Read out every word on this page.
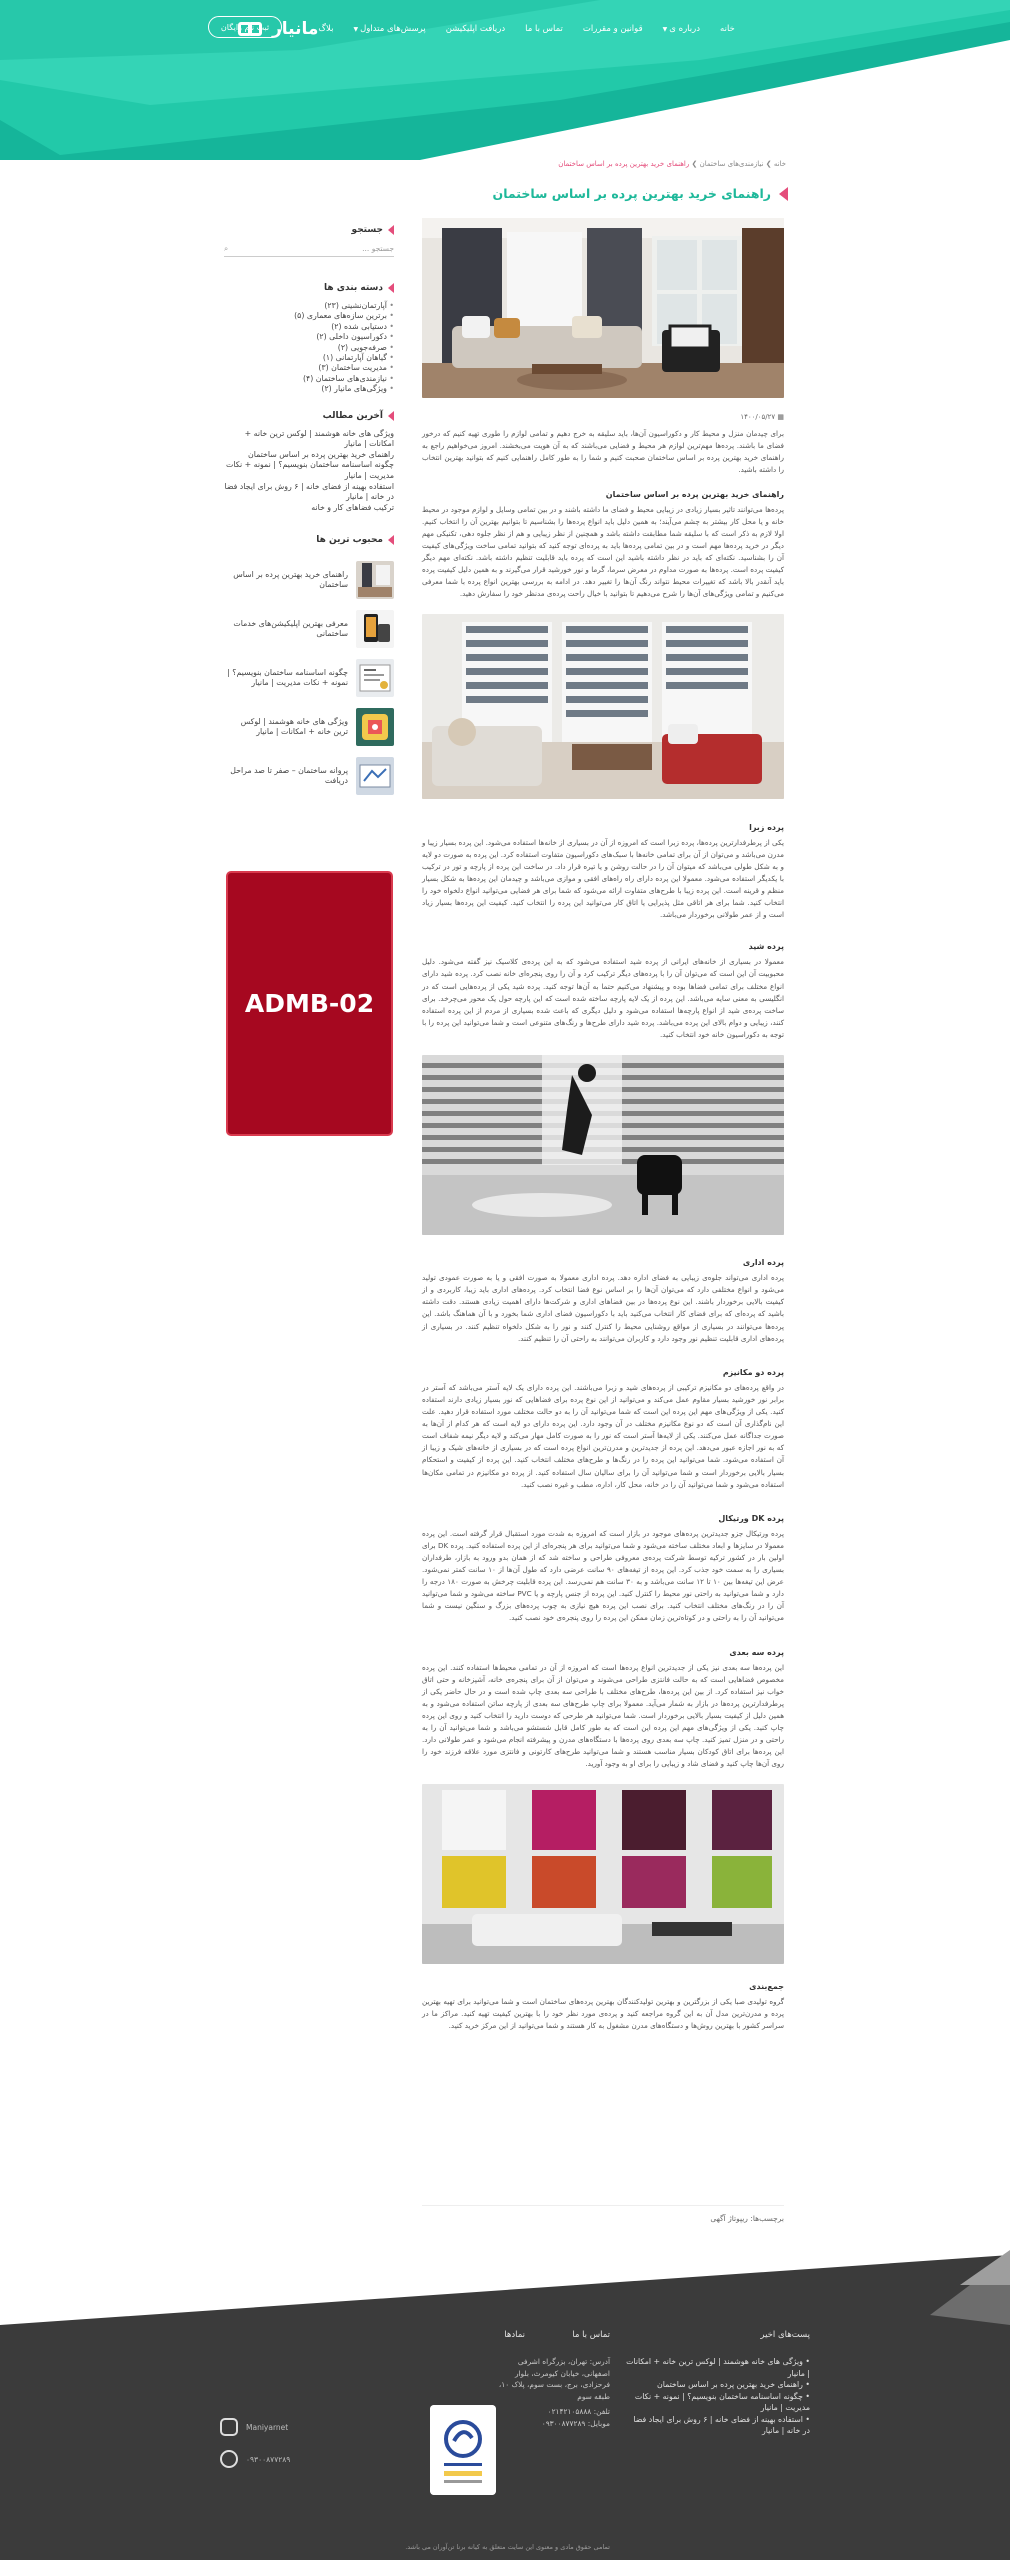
مانیار	خانه
درباره ی▼
قوانین و مقررات
تماس با ما
دریافت اپلیکیشن
پرسش‌های متداول▼
بلاگ
ثبت نام رایگان
خانه ❯ نیازمندی‌های ساختمان ❯ راهنمای خرید بهترین پرده بر اساس ساختمان
راهنمای خرید بهترین پرده بر اساس ساختمان
▦ ۱۴۰۰/۰۵/۲۷

برای چیدمان منزل و محیط کار و دکوراسیون آن‌ها، باید سلیقه به خرج دهیم و تمامی لوازم را طوری تهیه کنیم که درخور فضای ما باشند. پرده‌ها مهم‌ترین لوازم هر محیط و فضایی می‌باشند که به آن هویت می‌بخشند. امروز می‌خواهیم راجع به راهنمای خرید بهترین پرده بر اساس ساختمان صحبت کنیم و شما را به طور کامل راهنمایی کنیم که بتوانید بهترین انتخاب را داشته باشید.

راهنمای خرید بهترین پرده بر اساس ساختمان

پرده‌ها می‌توانند تاثیر بسیار زیادی در زیبایی محیط و فضای ما داشته باشند و در بین تمامی وسایل و لوازم موجود در محیط خانه و یا محل کار بیشتر به چشم می‌آیند؛ به همین دلیل باید انواع پرده‌ها را بشناسیم تا بتوانیم بهترین آن را انتخاب کنیم. اولا لازم به ذکر است که با سلیقه شما مطابقت داشته باشد و همچنین از نظر زیبایی و هم از نظر جلوه دهی، تکنیکی مهم دیگر در خرید پرده‌ها مهم است و در بین تمامی پرده‌ها باید به پرده‌ای توجه کنید که بتوانید تمامی ساخت ویژگی‌های کیفیت آن را بشناسید. نکته‌ای که باید در نظر داشته باشید این است که پرده باید قابلیت تنظیم داشته باشد. نکته‌ای مهم دیگر کیفیت پرده است. پرده‌ها به صورت مداوم در معرض سرما، گرما و نور خورشید قرار می‌گیرند و به همین دلیل کیفیت پرده باید آنقدر بالا باشد که تغییرات محیط نتواند رنگ آن‌ها را تغییر دهد. در ادامه به بررسی بهترین انواع پرده با شما معرفی می‌کنیم و تمامی ویژگی‌های آن‌ها را شرح می‌دهیم تا بتوانید با خیال راحت پرده‌ی مدنظر خود را سفارش دهید.

پرده زبرا

یکی از پرطرفدارترین پرده‌ها، پرده زبرا است که امروزه از آن در بسیاری از خانه‌ها استفاده می‌شود. این پرده بسیار زیبا و مدرن می‌باشد و می‌توان از آن برای تمامی خانه‌ها با سبک‌های دکوراسیون متفاوت استفاده کرد. این پرده به صورت دو لایه و به شکل طولی می‌باشد که میتوان آن را در حالت روشن و یا تیره قرار داد. در ساخت این پرده از پارچه و تور در ترکیب با یکدیگر استفاده می‌شود. معمولا این پرده دارای راه راه‌های افقی و موازی می‌باشد و چیدمان این پرده‌ها به شکل بسیار منظم و قرینه است. این پرده زیبا با طرح‌های متفاوت ارائه می‌شود که شما برای هر فضایی می‌توانید انواع دلخواه خود را انتخاب کنید. شما برای هر اتاقی مثل پذیرایی یا اتاق کار می‌توانید این پرده را انتخاب کنید. کیفیت این پرده‌ها بسیار زیاد است و از عمر طولانی برخوردار می‌باشد.

پرده شید

معمولا در بسیاری از خانه‌های ایرانی از پرده شید استفاده می‌شود که به این پرده‌ی کلاسیک نیز گفته می‌شود. دلیل محبوبیت آن این است که می‌توان آن را با پرده‌های دیگر ترکیب کرد و آن را روی پنجره‌ای خانه نصب کرد. پرده شید دارای انواع مختلف برای تمامی فضاها بوده و پیشنهاد می‌کنیم حتما به آن‌ها توجه کنید. پرده شید یکی از پرده‌هایی است که در انگلیسی به معنی سایه می‌باشد. این پرده از یک لایه پارچه ساخته شده است که این پارچه حول یک محور می‌چرخد. برای ساخت پرده‌ی شید از انواع پارچه‌ها استفاده می‌شود و دلیل دیگری که باعث شده بسیاری از مردم از این پرده استفاده کنند، زیبایی و دوام بالای این پرده می‌باشد. پرده شید دارای طرح‌ها و رنگ‌های متنوعی است و شما می‌توانید این پرده را با توجه به دکوراسیون خانه خود انتخاب کنید.

پرده اداری

پرده اداری می‌تواند جلوه‌ی زیبایی به فضای اداره دهد. پرده اداری معمولا به صورت افقی و یا به صورت عمودی تولید می‌شود و انواع مختلفی دارد که می‌توان آن‌ها را بر اساس نوع فضا انتخاب کرد. پرده‌های اداری باید زیبا، کاربردی و از کیفیت بالایی برخوردار باشند. این نوع پرده‌ها در بین فضاهای اداری و شرکت‌ها دارای اهمیت زیادی هستند. دقت داشته باشید که پرده‌ای که برای فضای کار انتخاب می‌کنید باید با دکوراسیون فضای اداری شما بخورد و با آن هماهنگ باشد. این پرده‌ها می‌توانند در بسیاری از مواقع روشنایی محیط را کنترل کنند و نور را به شکل دلخواه تنظیم کنند. در بسیاری از پرده‌های اداری قابلیت تنظیم نور وجود دارد و کاربران می‌توانند به راحتی آن را تنظیم کنند.

پرده دو مکانیزم

در واقع پرده‌های دو مکانیزم ترکیبی از پرده‌های شید و زبرا می‌باشند. این پرده دارای یک لایه آستر می‌باشد که آستر در برابر نور خورشید بسیار مقاوم عمل می‌کند و می‌توانید از این نوع پرده برای فضاهایی که نور بسیار زیادی دارند استفاده کنید. یکی از ویژگی‌های مهم این پرده این است که شما می‌توانید آن را به دو حالت مختلف مورد استفاده قرار دهید. علت این نام‌گذاری آن است که دو نوع مکانیزم مختلف در آن وجود دارد. این پرده دارای دو لایه است که هر کدام از آن‌ها به صورت جداگانه عمل می‌کنند. یکی از لایه‌ها آستر است که نور را به صورت کامل مهار می‌کند و لایه دیگر نیمه شفاف است که به نور اجازه عبور می‌دهد. این پرده از جدیدترین و مدرن‌ترین انواع پرده است که در بسیاری از خانه‌های شیک و زیبا از آن استفاده می‌شود. شما می‌توانید این پرده را در رنگ‌ها و طرح‌های مختلف انتخاب کنید. این پرده از کیفیت و استحکام بسیار بالایی برخوردار است و شما می‌توانید آن را برای سالیان سال استفاده کنید. از پرده دو مکانیزم در تمامی مکان‌ها استفاده می‌شود و شما می‌توانید آن را در خانه، محل کار، اداره، مطب و غیره نصب کنید.

پرده DK ورتیکال

پرده ورتیکال جزو جدیدترین پرده‌های موجود در بازار است که امروزه به شدت مورد استقبال قرار گرفته است. این پرده معمولا در سایزها و ابعاد مختلف ساخته می‌شود و شما می‌توانید برای هر پنجره‌ای از این پرده استفاده کنید. پرده DK برای اولین بار در کشور ترکیه توسط شرکت پرده‌ی معروفی طراحی و ساخته شد که از همان بدو ورود به بازار، طرفداران بسیاری را به سمت خود جذب کرد. این پرده از تیغه‌های ۹۰ سانت عرضی دارد که طول آن‌ها از ۱۰ سانت کمتر نمی‌شود. عرض این تیغه‌ها بین ۱۰ تا ۱۲ سانت می‌باشد و به ۳۰ سانت هم نمی‌رسد. این پرده قابلیت چرخش به صورت ۱۸۰ درجه را دارد و شما می‌توانید به راحتی نور محیط را کنترل کنید. این پرده از جنس پارچه و یا PVC ساخته می‌شود و شما می‌توانید آن را در رنگ‌های مختلف انتخاب کنید. برای نصب این پرده هیچ نیازی به چوب پرده‌های بزرگ و سنگین نیست و شما می‌توانید آن را به راحتی و در کوتاه‌ترین زمان ممکن این پرده را روی پنجره‌ی خود نصب کنید.

پرده سه بعدی

این پرده‌ها سه بعدی نیز یکی از جدیدترین انواع پرده‌ها است که امروزه از آن در تمامی محیط‌ها استفاده کنند. این پرده مخصوص فضاهایی است که به حالت فانتزی طراحی می‌شوند و می‌توان از آن برای پنجره‌ی خانه، آشپزخانه و حتی اتاق خواب نیز استفاده کرد. از بین این پرده‌ها، طرح‌های مختلف با طراحی سه بعدی چاپ شده است و در حال حاضر یکی از پرطرفدارترین پرده‌ها در بازار به شمار می‌آید. معمولا برای چاپ طرح‌های سه بعدی از پارچه ساتن استفاده می‌شود و به همین دلیل از کیفیت بسیار بالایی برخوردار است. شما می‌توانید هر طرحی که دوست دارید را انتخاب کنید و روی این پرده چاپ کنید. یکی از ویژگی‌های مهم این پرده این است که به طور کامل قابل شستشو می‌باشد و شما می‌توانید آن را به راحتی و در منزل تمیز کنید. چاپ سه بعدی روی پرده‌ها با دستگاه‌های مدرن و پیشرفته انجام می‌شود و عمر طولانی دارد. این پرده‌ها برای اتاق کودکان بسیار مناسب هستند و شما می‌توانید طرح‌های کارتونی و فانتزی مورد علاقه فرزند خود را روی آن‌ها چاپ کنید و فضای شاد و زیبایی را برای او به وجود آورید.

جمع‌بندی

گروه تولیدی صبا یکی از بزرگترین و بهترین تولیدکنندگان بهترین پرده‌های ساختمان است و شما می‌توانید برای تهیه بهترین پرده و مدرن‌ترین مدل آن به این گروه مراجعه کنید و پرده‌ی مورد نظر خود را با بهترین کیفیت تهیه کنید. مراکز ما در سراسر کشور با بهترین روش‌ها و دستگاه‌های مدرن مشغول به کار هستند و شما می‌توانید از این مرکز خرید کنید.

برچسب‌ها: ریپوتاژ آگهی
جستجو
جستجو ...
⌕
دسته بندی ها
• آپارتمان‌نشینی (۲۳)
• برترین سازه‌های معماری (۵)
• دستیابی شده (۲)
• دکوراسیون داخلی (۲)
• صرفه‌جویی (۲)
• گیاهان آپارتمانی (۱)
• مدیریت ساختمان (۳)
• نیازمندی‌های ساختمان (۴)
• ویژگی‌های مانیار (۲)
آخرین مطالب
ویژگی های خانه هوشمند | لوکس ترین خانه + امکانات | مانیار
راهنمای خرید بهترین پرده بر اساس ساختمان
چگونه اساسنامه ساختمان بنویسیم؟ | نمونه + نکات مدیریت | مانیار
استفاده بهینه از فضای خانه | ۶ روش برای ایجاد فضا در خانه | مانیار
ترکیب فضاهای کار و خانه
محبوب ترین ها
راهنمای خرید بهترین پرده بر اساس ساختمان
معرفی بهترین اپلیکیشن‌های خدمات ساختمانی
چگونه اساسنامه ساختمان بنویسیم؟ | نمونه + نکات مدیریت | مانیار
ویژگی های خانه هوشمند | لوکس ترین خانه + امکانات | مانیار
پروانه ساختمان – صفر تا صد مراحل دریافت
ADMB-02
پست‌های اخیر
• ویژگی های خانه هوشمند | لوکس ترین خانه + امکانات | مانیار
• راهنمای خرید بهترین پرده بر اساس ساختمان
• چگونه اساسنامه ساختمان بنویسیم؟ | نمونه + نکات مدیریت | مانیار
• استفاده بهینه از فضای خانه | ۶ روش برای ایجاد فضا در خانه | مانیار
تماس با ما
آدرس: تهران، بزرگراه اشرفی اصفهانی، خیابان کیومرث، بلوار فرحزادی، برج، بست سوم، پلاک ۱۰، طبقه سوم
تلفن: ۰۲۱۴۲۱۰۵۸۸۸
موبایل: ۰۹۳۰۰۸۷۷۲۸۹
نمادها
Maniyarnet
۰۹۳۰۰۸۷۷۲۸۹
تمامی حقوق مادی و معنوی این سایت متعلق به کیانه برنا تن‌آوران می باشد.
